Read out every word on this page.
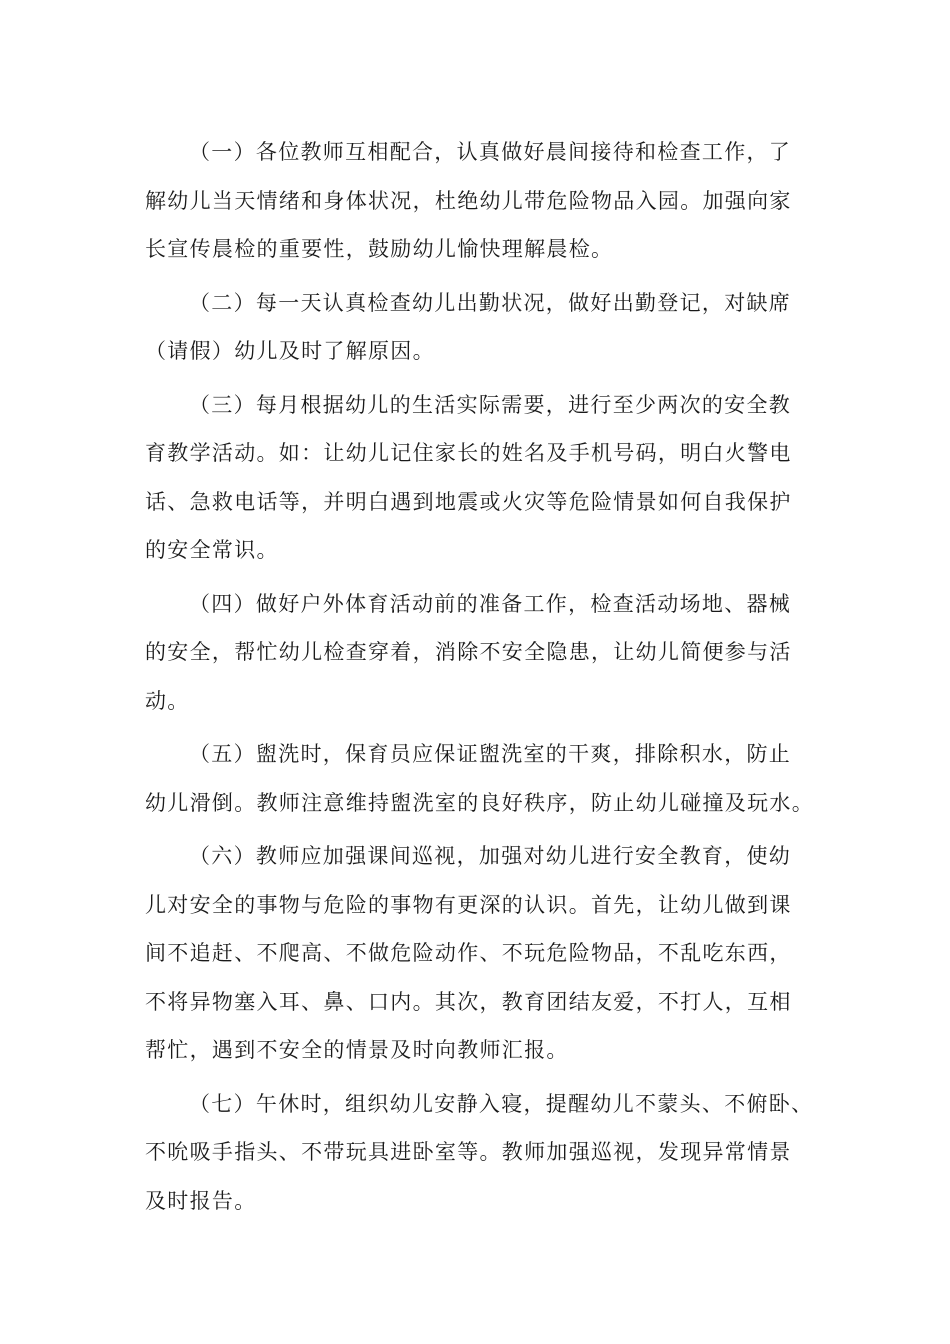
（一）各位教师互相配合，认真做好晨间接待和检查工作，了
解幼儿当天情绪和身体状况，杜绝幼儿带危险物品入园。加强向家
长宣传晨检的重要性，鼓励幼儿愉快理解晨检。

（二）每一天认真检查幼儿出勤状况，做好出勤登记，对缺席
（请假）幼儿及时了解原因。

（三）每月根据幼儿的生活实际需要，进行至少两次的安全教
育教学活动。如：让幼儿记住家长的姓名及手机号码，明白火警电
话、急救电话等，并明白遇到地震或火灾等危险情景如何自我保护
的安全常识。

（四）做好户外体育活动前的准备工作，检查活动场地、器械
的安全，帮忙幼儿检查穿着，消除不安全隐患，让幼儿简便参与活
动。

（五）盥洗时，保育员应保证盥洗室的干爽，排除积水，防止
幼儿滑倒。教师注意维持盥洗室的良好秩序，防止幼儿碰撞及玩水。

（六）教师应加强课间巡视，加强对幼儿进行安全教育，使幼
儿对安全的事物与危险的事物有更深的认识。首先，让幼儿做到课
间不追赶、不爬高、不做危险动作、不玩危险物品，不乱吃东西，
不将异物塞入耳、鼻、口内。其次，教育团结友爱，不打人，互相
帮忙，遇到不安全的情景及时向教师汇报。

（七）午休时，组织幼儿安静入寝，提醒幼儿不蒙头、不俯卧、
不吮吸手指头、不带玩具进卧室等。教师加强巡视，发现异常情景
及时报告。
